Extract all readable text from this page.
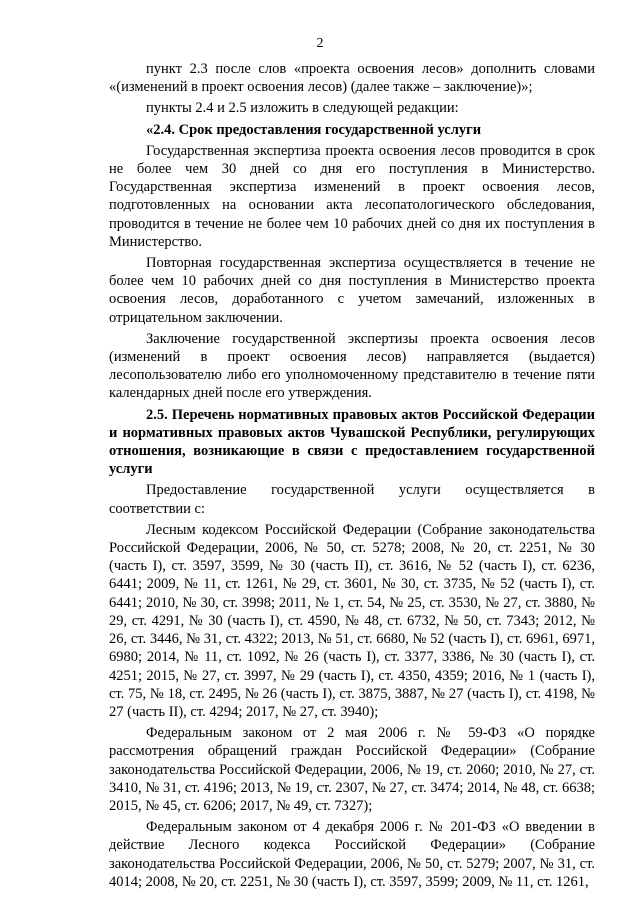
2

пункт 2.3 после слов «проекта освоения лесов» дополнить словами «(изменений в проект освоения лесов) (далее также – заключение)»;

пункты 2.4 и 2.5 изложить в следующей редакции:

«2.4. Срок предоставления государственной услуги

Государственная экспертиза проекта освоения лесов проводится в срок не более чем 30 дней со дня его поступления в Министерство. Государственная экспертиза изменений в проект освоения лесов, подготовленных на основании акта лесопатологического обследования, проводится в течение не более чем 10 рабочих дней со дня их поступления в Министерство.

Повторная государственная экспертиза осуществляется в течение не более чем 10 рабочих дней со дня поступления в Министерство проекта освоения лесов, доработанного с учетом замечаний, изложенных в отрицательном заключении.

Заключение государственной экспертизы проекта освоения лесов (изменений в проект освоения лесов) направляется (выдается) лесопользователю либо его уполномоченному представителю в течение пяти календарных дней после его утверждения.

2.5. Перечень нормативных правовых актов Российской Федерации и нормативных правовых актов Чувашской Республики, регулирующих отношения, возникающие в связи с предоставлением государственной услуги

Предоставление государственной услуги осуществляется в соответствии с:

Лесным кодексом Российской Федерации (Собрание законодательства Российской Федерации, 2006, № 50, ст. 5278; 2008, № 20, ст. 2251, № 30 (часть I), ст. 3597, 3599, № 30 (часть II), ст. 3616, № 52 (часть I), ст. 6236, 6441; 2009, № 11, ст. 1261, № 29, ст. 3601, № 30, ст. 3735, № 52 (часть I), ст. 6441; 2010, № 30, ст. 3998; 2011, № 1, ст. 54, № 25, ст. 3530, № 27, ст. 3880, № 29, ст. 4291, № 30 (часть I), ст. 4590, № 48, ст. 6732, № 50, ст. 7343; 2012, № 26, ст. 3446, № 31, ст. 4322; 2013, № 51, ст. 6680, № 52 (часть I), ст. 6961, 6971, 6980; 2014, № 11, ст. 1092, № 26 (часть I), ст. 3377, 3386, № 30 (часть I), ст. 4251; 2015, № 27, ст. 3997, № 29 (часть I), ст. 4350, 4359; 2016, № 1 (часть I), ст. 75, № 18, ст. 2495, № 26 (часть I), ст. 3875, 3887, № 27 (часть I), ст. 4198, № 27 (часть II), ст. 4294; 2017, № 27, ст. 3940);

Федеральным законом от 2 мая 2006 г. № 59-ФЗ «О порядке рассмотрения обращений граждан Российской Федерации» (Собрание законодательства Российской Федерации, 2006, № 19, ст. 2060; 2010, № 27, ст. 3410, № 31, ст. 4196; 2013, № 19, ст. 2307, № 27, ст. 3474; 2014, № 48, ст. 6638; 2015, № 45, ст. 6206; 2017, № 49, ст. 7327);

Федеральным законом от 4 декабря 2006 г. № 201-ФЗ «О введении в действие Лесного кодекса Российской Федерации» (Собрание законодательства Российской Федерации, 2006, № 50, ст. 5279; 2007, № 31, ст. 4014; 2008, № 20, ст. 2251, № 30 (часть I), ст. 3597, 3599; 2009, № 11, ст. 1261,
